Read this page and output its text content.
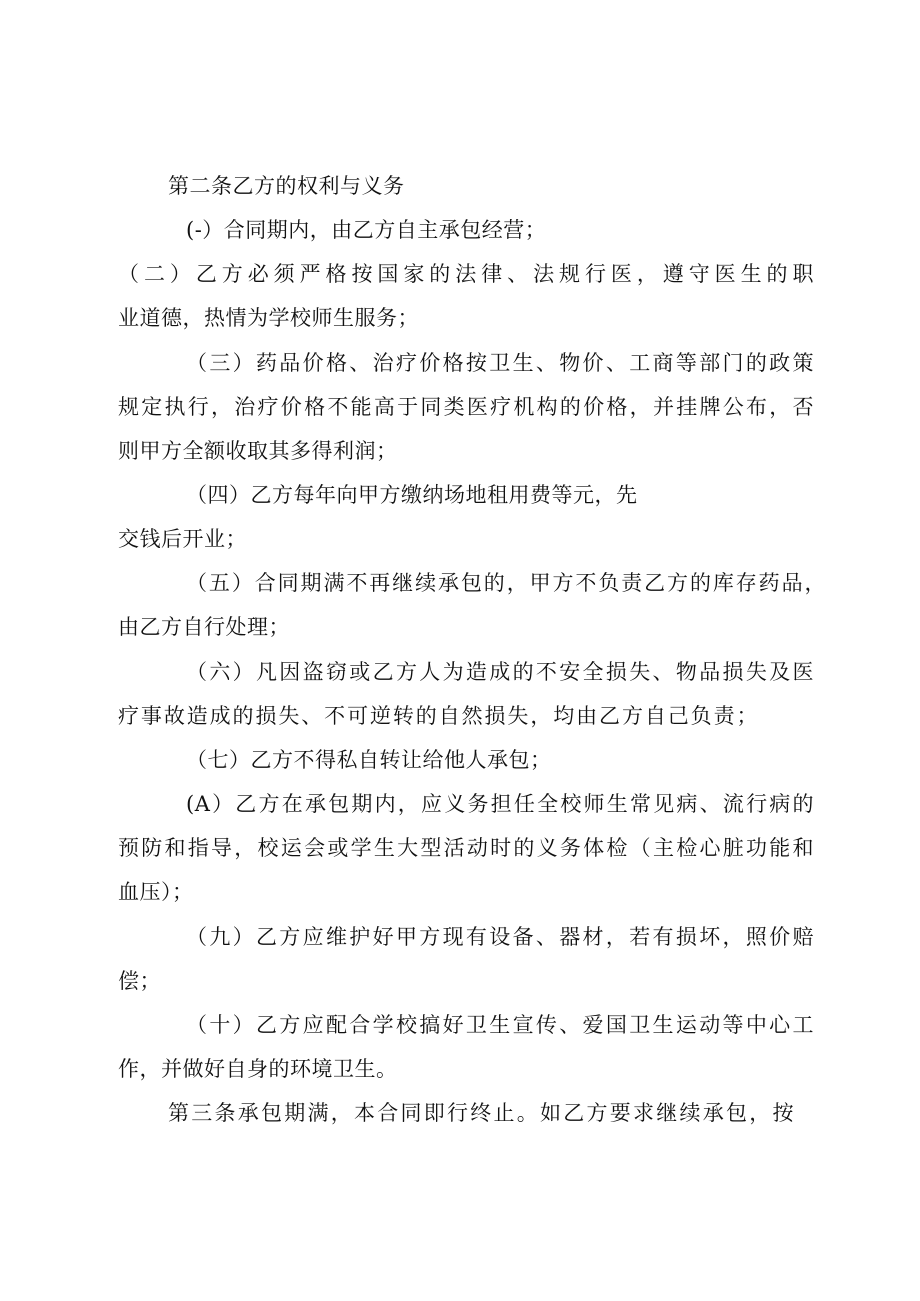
第二条乙方的权利与义务
(-）合同期内，由乙方自主承包经营；
（二）乙方必须严格按国家的法律、法规行医，遵守医生的职
业道德，热情为学校师生服务；
（三）药品价格、治疗价格按卫生、物价、工商等部门的政策
规定执行，治疗价格不能高于同类医疗机构的价格，并挂牌公布，否
则甲方全额收取其多得利润；
（四）乙方每年向甲方缴纳场地租用费等元，先
交钱后开业；
（五）合同期满不再继续承包的，甲方不负责乙方的库存药品，
由乙方自行处理；
（六）凡因盗窃或乙方人为造成的不安全损失、物品损失及医
疗事故造成的损失、不可逆转的自然损失，均由乙方自己负责；
（七）乙方不得私自转让给他人承包；
(A）乙方在承包期内，应义务担任全校师生常见病、流行病的
预防和指导，校运会或学生大型活动时的义务体检（主检心脏功能和
血压）；
（九）乙方应维护好甲方现有设备、器材，若有损坏，照价赔
偿；
（十）乙方应配合学校搞好卫生宣传、爱国卫生运动等中心工
作，并做好自身的环境卫生。
第三条承包期满，本合同即行终止。如乙方要求继续承包，按
